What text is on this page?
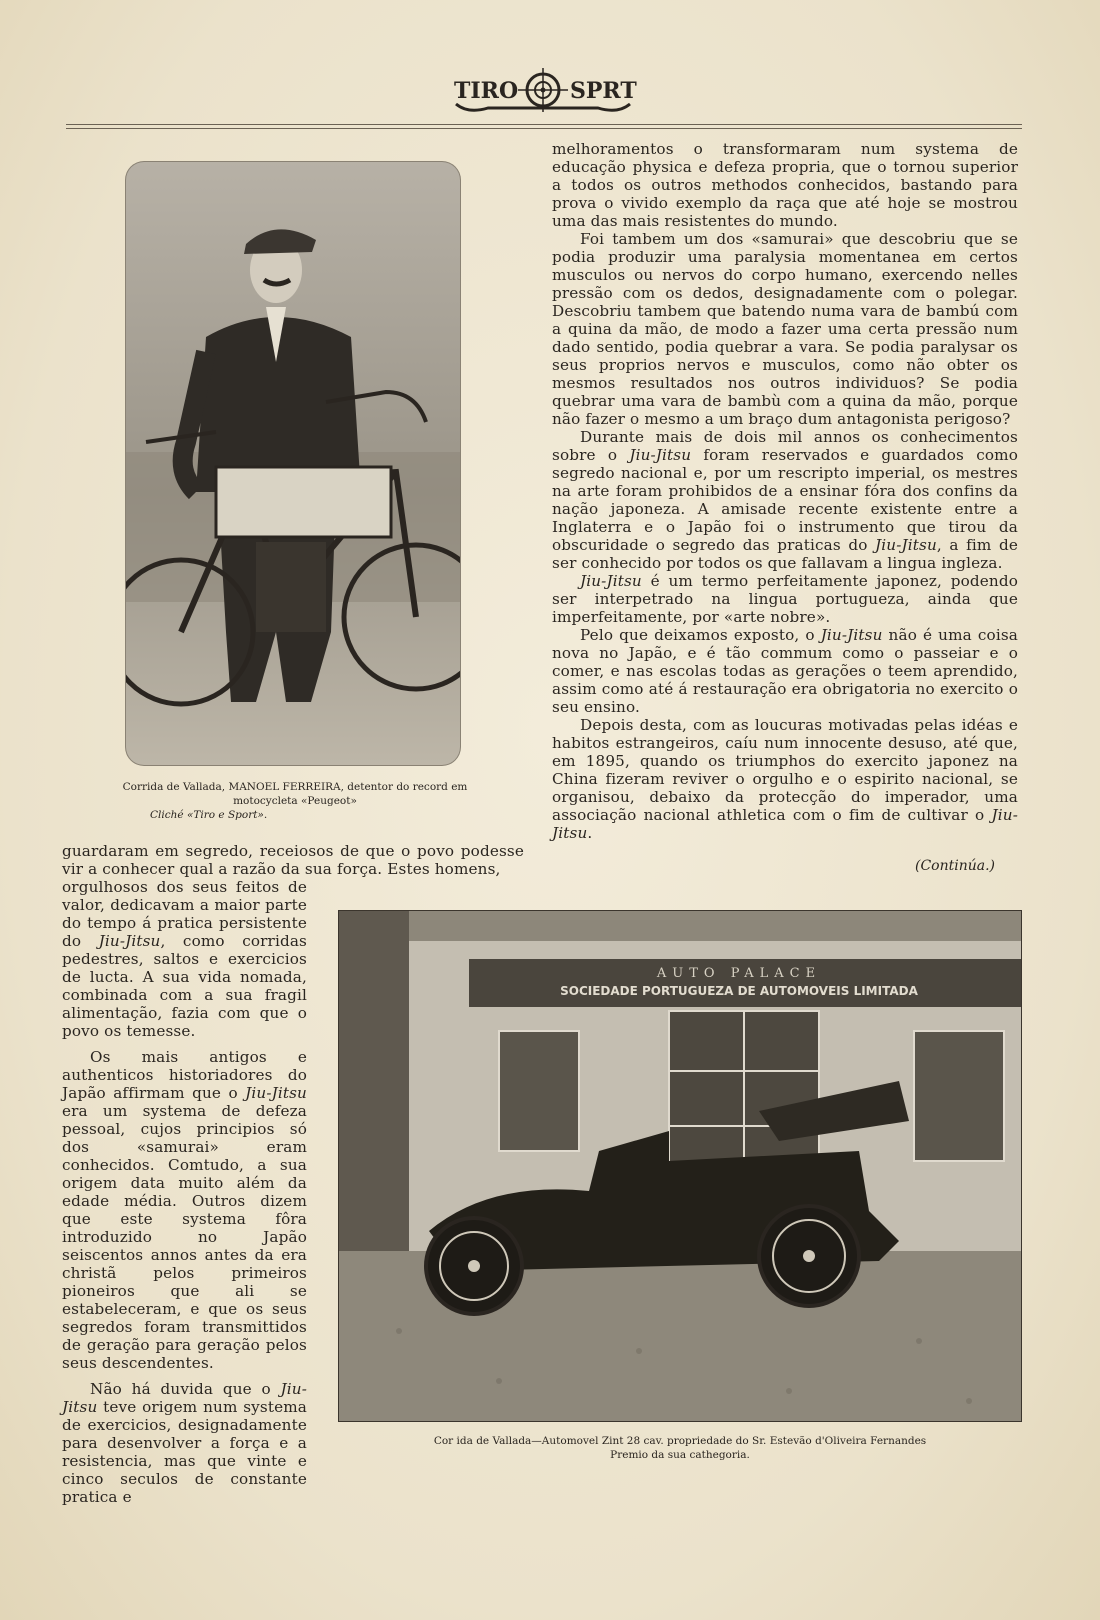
TIRO SPRT
Corrida de Vallada, MANOEL FERREIRA, detentor do record em
motocycleta «Peugeot»
Cliché «Tiro e Sport».

melhoramentos o transformaram num systema de educação physica e defeza propria, que o tornou superior a todos os outros methodos conhecidos, bastando para prova o vivido exemplo da raça que até hoje se mostrou uma das mais resistentes do mundo.

Foi tambem um dos «samurai» que descobriu que se podia produzir uma paralysia momentanea em certos musculos ou nervos do corpo humano, exercendo nelles pressão com os dedos, designadamente com o polegar. Descobriu tambem que batendo numa vara de bambú com a quina da mão, de modo a fazer uma certa pressão num dado sentido, podia quebrar a vara. Se podia paralysar os seus proprios nervos e musculos, como não obter os mesmos resultados nos outros individuos? Se podia quebrar uma vara de bambù com a quina da mão, porque não fazer o mesmo a um braço dum antagonista perigoso?

Durante mais de dois mil annos os conhecimentos sobre o Jiu-Jitsu foram reservados e guardados como segredo nacional e, por um rescripto imperial, os mestres na arte foram prohibidos de a ensinar fóra dos confins da nação japoneza. A amisade recente existente entre a Inglaterra e o Japão foi o instrumento que tirou da obscuridade o segredo das praticas do Jiu-Jitsu, a fim de ser conhecido por todos os que fallavam a lingua ingleza.

Jiu-Jitsu é um termo perfeitamente japonez, podendo ser interpetrado na lingua portugueza, ainda que imperfeitamente, por «arte nobre».

Pelo que deixamos exposto, o Jiu-Jitsu não é uma coisa nova no Japão, e é tão commum como o passeiar e o comer, e nas escolas todas as gerações o teem aprendido, assim como até á restauração era obrigatoria no exercito o seu ensino.

Depois desta, com as loucuras motivadas pelas idéas e habitos estrangeiros, caíu num innocente desuso, até que, em 1895, quando os triumphos do exercito japonez na China fizeram reviver o orgulho e o espirito nacional, se organisou, debaixo da protecção do imperador, uma associação nacional athletica com o fim de cultivar o Jiu-Jitsu.

(Continúa.)

guardaram em segredo, receiosos de que o povo podesse vir a conhecer qual a razão da sua força. Estes homens,

orgulhosos dos seus feitos de valor, dedicavam a maior parte do tempo á pratica persistente do Jiu-Jitsu, como corridas pedestres, saltos e exercicios de lucta. A sua vida nomada, combinada com a sua fragil alimentação, fazia com que o povo os temesse.

Os mais antigos e authenticos historiadores do Japão affirmam que o Jiu-Jitsu era um systema de defeza pessoal, cujos principios só dos «samurai» eram conhecidos. Comtudo, a sua origem data muito além da edade média. Outros dizem que este systema fôra introduzido no Japão seiscentos annos antes da era christã pelos primeiros pioneiros que ali se estabeleceram, e que os seus segredos foram transmittidos de geração para geração pelos seus descendentes.

Não há duvida que o Jiu-Jitsu teve origem num systema de exercicios, designadamente para desenvolver a força e a resistencia, mas que vinte e cinco seculos de constante pratica e

AUTO PALACE
SOCIEDADE PORTUGUEZA DE AUTOMOVEIS LIMITADA
Cor ida de Vallada—Automovel Zint 28 cav. propriedade do Sr. Estevão d'Oliveira Fernandes
Premio da sua cathegoria.
